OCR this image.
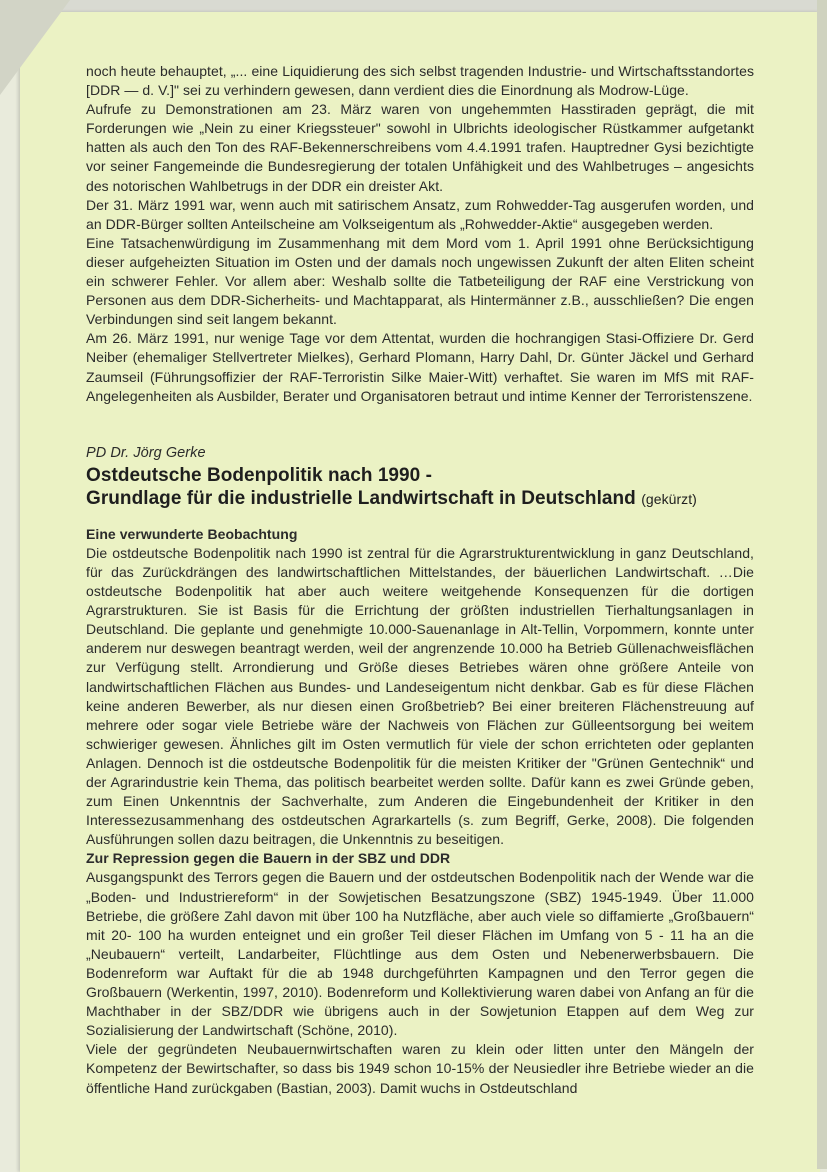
noch heute behauptet, „... eine Liquidierung des sich selbst tragenden Industrie- und Wirtschaftsstandortes [DDR — d. V.]" sei zu verhindern gewesen, dann verdient dies die Einordnung als Modrow-Lüge.

Aufrufe zu Demonstrationen am 23. März waren von ungehemmten Hasstiraden geprägt, die mit Forderungen wie „Nein zu einer Kriegssteuer" sowohl in Ulbrichts ideologischer Rüstkammer aufgetankt hatten als auch den Ton des RAF-Bekennerschreibens vom 4.4.1991 trafen. Hauptredner Gysi bezichtigte vor seiner Fangemeinde die Bundesregierung der totalen Unfähigkeit und des Wahlbetruges – angesichts des notorischen Wahlbetrugs in der DDR ein dreister Akt.

Der 31. März 1991 war, wenn auch mit satirischem Ansatz, zum Rohwedder-Tag ausgerufen worden, und an DDR-Bürger sollten Anteilscheine am Volkseigentum als „Rohwedder-Aktie“ ausgegeben werden.

Eine Tatsachenwürdigung im Zusammenhang mit dem Mord vom 1. April 1991 ohne Berücksichtigung dieser aufgeheizten Situation im Osten und der damals noch ungewissen Zukunft der alten Eliten scheint ein schwerer Fehler. Vor allem aber: Weshalb sollte die Tatbeteiligung der RAF eine Verstrickung von Personen aus dem DDR-Sicherheits- und Machtapparat, als Hintermänner z.B., ausschließen? Die engen Verbindungen sind seit langem bekannt.

Am 26. März 1991, nur wenige Tage vor dem Attentat, wurden die hochrangigen Stasi-Offiziere Dr. Gerd Neiber (ehemaliger Stellvertreter Mielkes), Gerhard Plomann, Harry Dahl, Dr. Günter Jäckel und Gerhard Zaumseil (Führungsoffizier der RAF-Terroristin Silke Maier-Witt) verhaftet. Sie waren im MfS mit RAF-Angelegenheiten als Ausbilder, Berater und Organisatoren betraut und intime Kenner der Terroristenszene.

PD Dr. Jörg Gerke

Ostdeutsche Bodenpolitik nach 1990 -

Grundlage für die industrielle Landwirtschaft in Deutschland (gekürzt)

Eine verwunderte Beobachtung

Die ostdeutsche Bodenpolitik nach 1990 ist zentral für die Agrarstrukturentwicklung in ganz Deutschland, für das Zurückdrängen des landwirtschaftlichen Mittelstandes, der bäuerlichen Landwirtschaft. …Die ostdeutsche Bodenpolitik hat aber auch weitere weitgehende Konsequenzen für die dortigen Agrarstrukturen. Sie ist Basis für die Errichtung der größten industriellen Tierhaltungsanlagen in Deutschland. Die geplante und genehmigte 10.000-Sauenanlage in Alt-Tellin, Vorpommern, konnte unter anderem nur deswegen beantragt werden, weil der angrenzende 10.000 ha Betrieb Güllenachweisflächen zur Verfügung stellt. Arrondierung und Größe dieses Betriebes wären ohne größere Anteile von landwirtschaftlichen Flächen aus Bundes- und Landeseigentum nicht denkbar. Gab es für diese Flächen keine anderen Bewerber, als nur diesen einen Großbetrieb? Bei einer breiteren Flächenstreuung auf mehrere oder sogar viele Betriebe wäre der Nachweis von Flächen zur Gülleentsorgung bei weitem schwieriger gewesen. Ähnliches gilt im Osten vermutlich für viele der schon errichteten oder geplanten Anlagen. Dennoch ist die ostdeutsche Bodenpolitik für die meisten Kritiker der "Grünen Gentechnik“ und der Agrarindustrie kein Thema, das politisch bearbeitet werden sollte. Dafür kann es zwei Gründe geben, zum Einen Unkenntnis der Sachverhalte, zum Anderen die Eingebundenheit der Kritiker in den Interessezusammenhang des ostdeutschen Agrarkartells (s. zum Begriff, Gerke, 2008). Die folgenden Ausführungen sollen dazu beitragen, die Unkenntnis zu beseitigen.

Zur Repression gegen die Bauern in der SBZ und DDR

Ausgangspunkt des Terrors gegen die Bauern und der ostdeutschen Bodenpolitik nach der Wende war die „Boden- und Industriereform“ in der Sowjetischen Besatzungszone (SBZ) 1945-1949. Über 11.000 Betriebe, die größere Zahl davon mit über 100 ha Nutzfläche, aber auch viele so diffamierte „Großbauern“ mit 20- 100 ha wurden enteignet und ein großer Teil dieser Flächen im Umfang von 5 - 11 ha an die „Neubauern“ verteilt, Landarbeiter, Flüchtlinge aus dem Osten und Nebenerwerbsbauern. Die Bodenreform war Auftakt für die ab 1948 durchgeführten Kampagnen und den Terror gegen die Großbauern (Werkentin, 1997, 2010). Bodenreform und Kollektivierung waren dabei von Anfang an für die Machthaber in der SBZ/DDR wie übrigens auch in der Sowjetunion Etappen auf dem Weg zur Sozialisierung der Landwirtschaft (Schöne, 2010).

Viele der gegründeten Neubauernwirtschaften waren zu klein oder litten unter den Mängeln der Kompetenz der Bewirtschafter, so dass bis 1949 schon 10-15% der Neusiedler ihre Betriebe wieder an die öffentliche Hand zurückgaben (Bastian, 2003). Damit wuchs in Ostdeutschland
